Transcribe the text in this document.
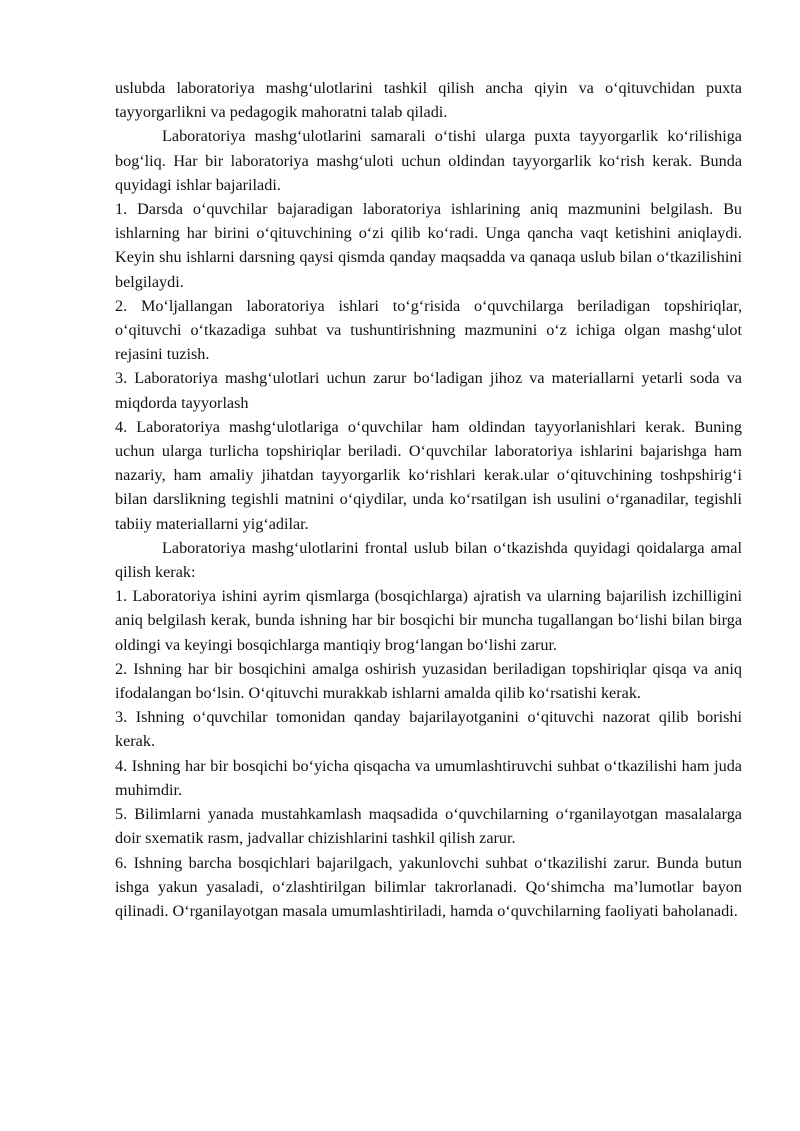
uslubda laboratoriya mashg‘ulotlarini tashkil qilish ancha qiyin va o‘qituvchidan puxta tayyorgarlikni va pedagogik mahoratni talab qiladi.

Laboratoriya mashg‘ulotlarini samarali o‘tishi ularga puxta tayyorgarlik ko‘rilishiga bog‘liq. Har bir laboratoriya mashg‘uloti uchun oldindan tayyorgarlik ko‘rish kerak. Bunda quyidagi ishlar bajariladi.

1. Darsda o‘quvchilar bajaradigan laboratoriya ishlarining aniq mazmunini belgilash. Bu ishlarning har birini o‘qituvchining o‘zi qilib ko‘radi. Unga qancha vaqt ketishini aniqlaydi. Keyin shu ishlarni darsning qaysi qismda qanday maqsadda va qanaqa uslub bilan o‘tkazilishini belgilaydi.

2. Mo‘ljallangan laboratoriya ishlari to‘g‘risida o‘quvchilarga beriladigan topshiriqlar, o‘qituvchi o‘tkazadiga suhbat va tushuntirishning mazmunini o‘z ichiga olgan mashg‘ulot rejasini tuzish.

3. Laboratoriya mashg‘ulotlari uchun zarur bo‘ladigan jihoz va materiallarni yetarli soda va miqdorda tayyorlash

4. Laboratoriya mashg‘ulotlariga o‘quvchilar ham oldindan tayyorlanishlari kerak. Buning uchun ularga turlicha topshiriqlar beriladi. O‘quvchilar laboratoriya ishlarini bajarishga ham nazariy, ham amaliy jihatdan tayyorgarlik ko‘rishlari kerak.ular o‘qituvchining toshpshirig‘i bilan darslikning tegishli matnini o‘qiydilar, unda ko‘rsatilgan ish usulini o‘rganadilar, tegishli tabiiy materiallarni yig‘adilar.

Laboratoriya mashg‘ulotlarini frontal uslub bilan o‘tkazishda quyidagi qoidalarga amal qilish kerak:

1. Laboratoriya ishini ayrim qismlarga (bosqichlarga) ajratish va ularning bajarilish izchilligini aniq belgilash kerak, bunda ishning har bir bosqichi bir muncha tugallangan bo‘lishi bilan birga oldingi va keyingi bosqichlarga mantiqiy brog‘langan bo‘lishi zarur.

2. Ishning har bir bosqichini amalga oshirish yuzasidan beriladigan topshiriqlar qisqa va aniq ifodalangan bo‘lsin. O‘qituvchi murakkab ishlarni amalda qilib ko‘rsatishi kerak.

3. Ishning o‘quvchilar tomonidan qanday bajarilayotganini o‘qituvchi nazorat qilib borishi kerak.

4. Ishning har bir bosqichi bo‘yicha qisqacha va umumlashtiruvchi suhbat o‘tkazilishi ham juda muhimdir.

5. Bilimlarni yanada mustahkamlash maqsadida o‘quvchilarning o‘rganilayotgan masalalarga doir sxematik rasm, jadvallar chizishlarini tashkil qilish zarur.

6. Ishning barcha bosqichlari bajarilgach, yakunlovchi suhbat o‘tkazilishi zarur. Bunda butun ishga yakun yasaladi, o‘zlashtirilgan bilimlar takrorlanadi. Qo‘shimcha ma’lumotlar bayon qilinadi. O‘rganilayotgan masala umumlashtiriladi, hamda o‘quvchilarning faoliyati baholanadi.
